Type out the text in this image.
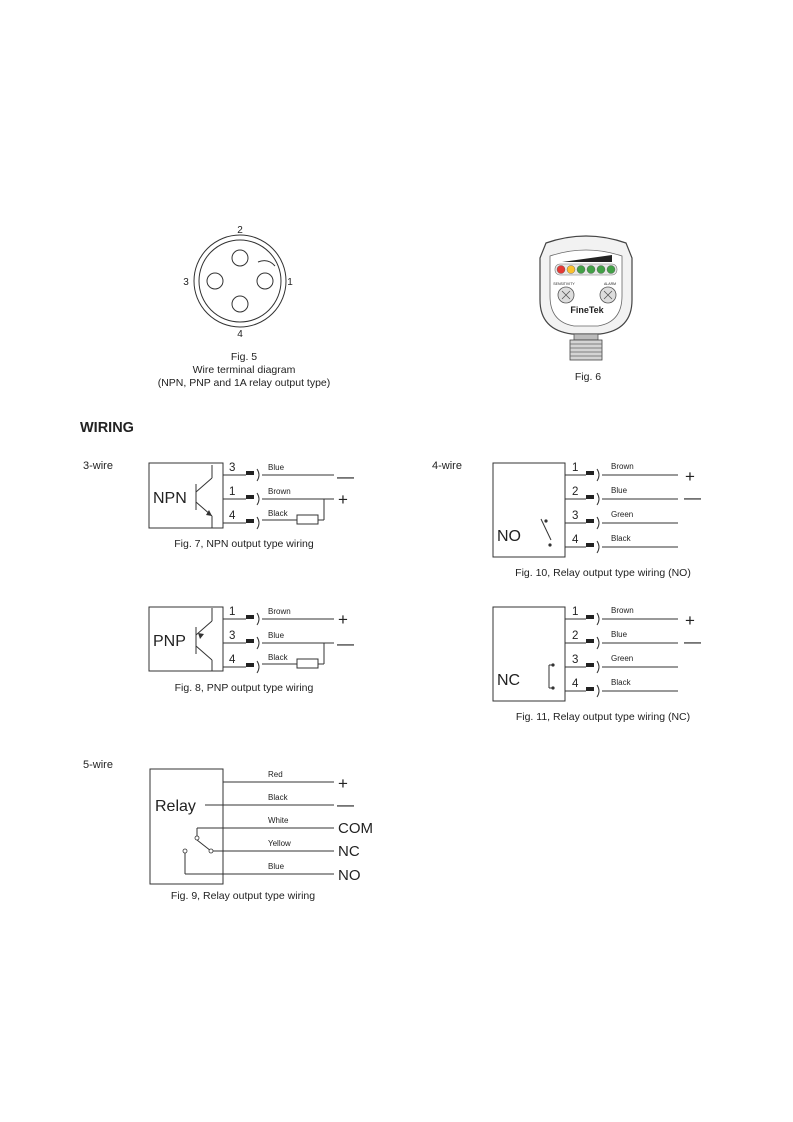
2
3	1
4
Fig. 5
Wire terminal diagram
(NPN, PNP and 1A relay output type)
SENSITIVITY	ALARM
FineTek
Fig. 6
WIRING
3-wire
NPN
3	Blue	—
1	Brown	+
4	Black
Fig. 7, NPN output type wiring
PNP
1	Brown	+
3	Blue	—
4	Black
Fig. 8, PNP output type wiring
4-wire
NO
1	Brown
+
2	Blue	—
3	Green
4	Black
Fig. 10, Relay output type wiring (NO)
NC
1	Brown
+
2	Blue	—
3	Green
4	Black
Fig. 11, Relay output type wiring (NC)
5-wire
Relay
Red	+
Black	—
White	COM
Yellow	NC
Blue
NO
Fig. 9, Relay output type wiring
